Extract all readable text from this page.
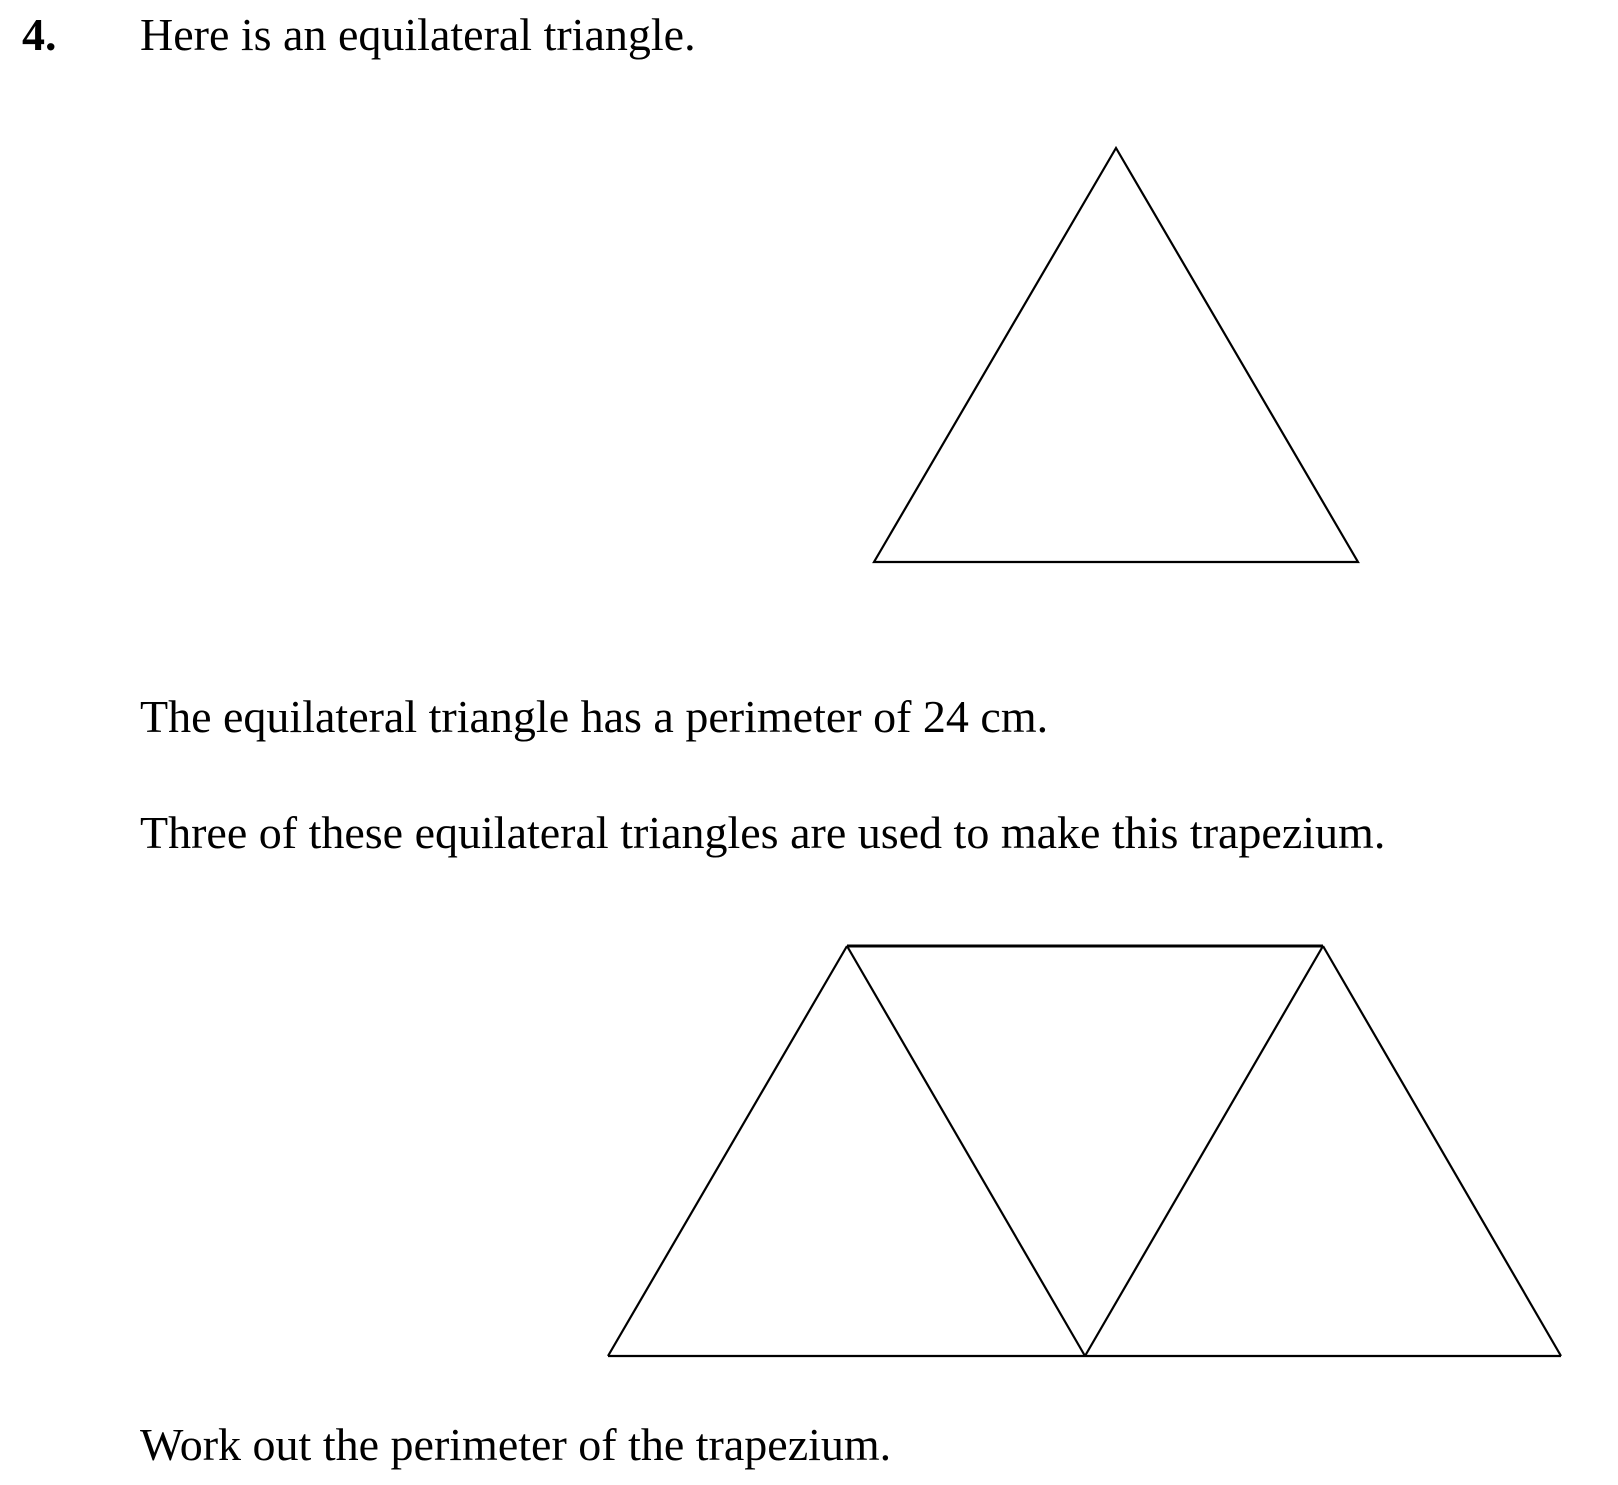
4. Here is an equilateral triangle.
The equilateral triangle has a perimeter of 24 cm.
Three of these equilateral triangles are used to make this trapezium.
Work out the perimeter of the trapezium.
